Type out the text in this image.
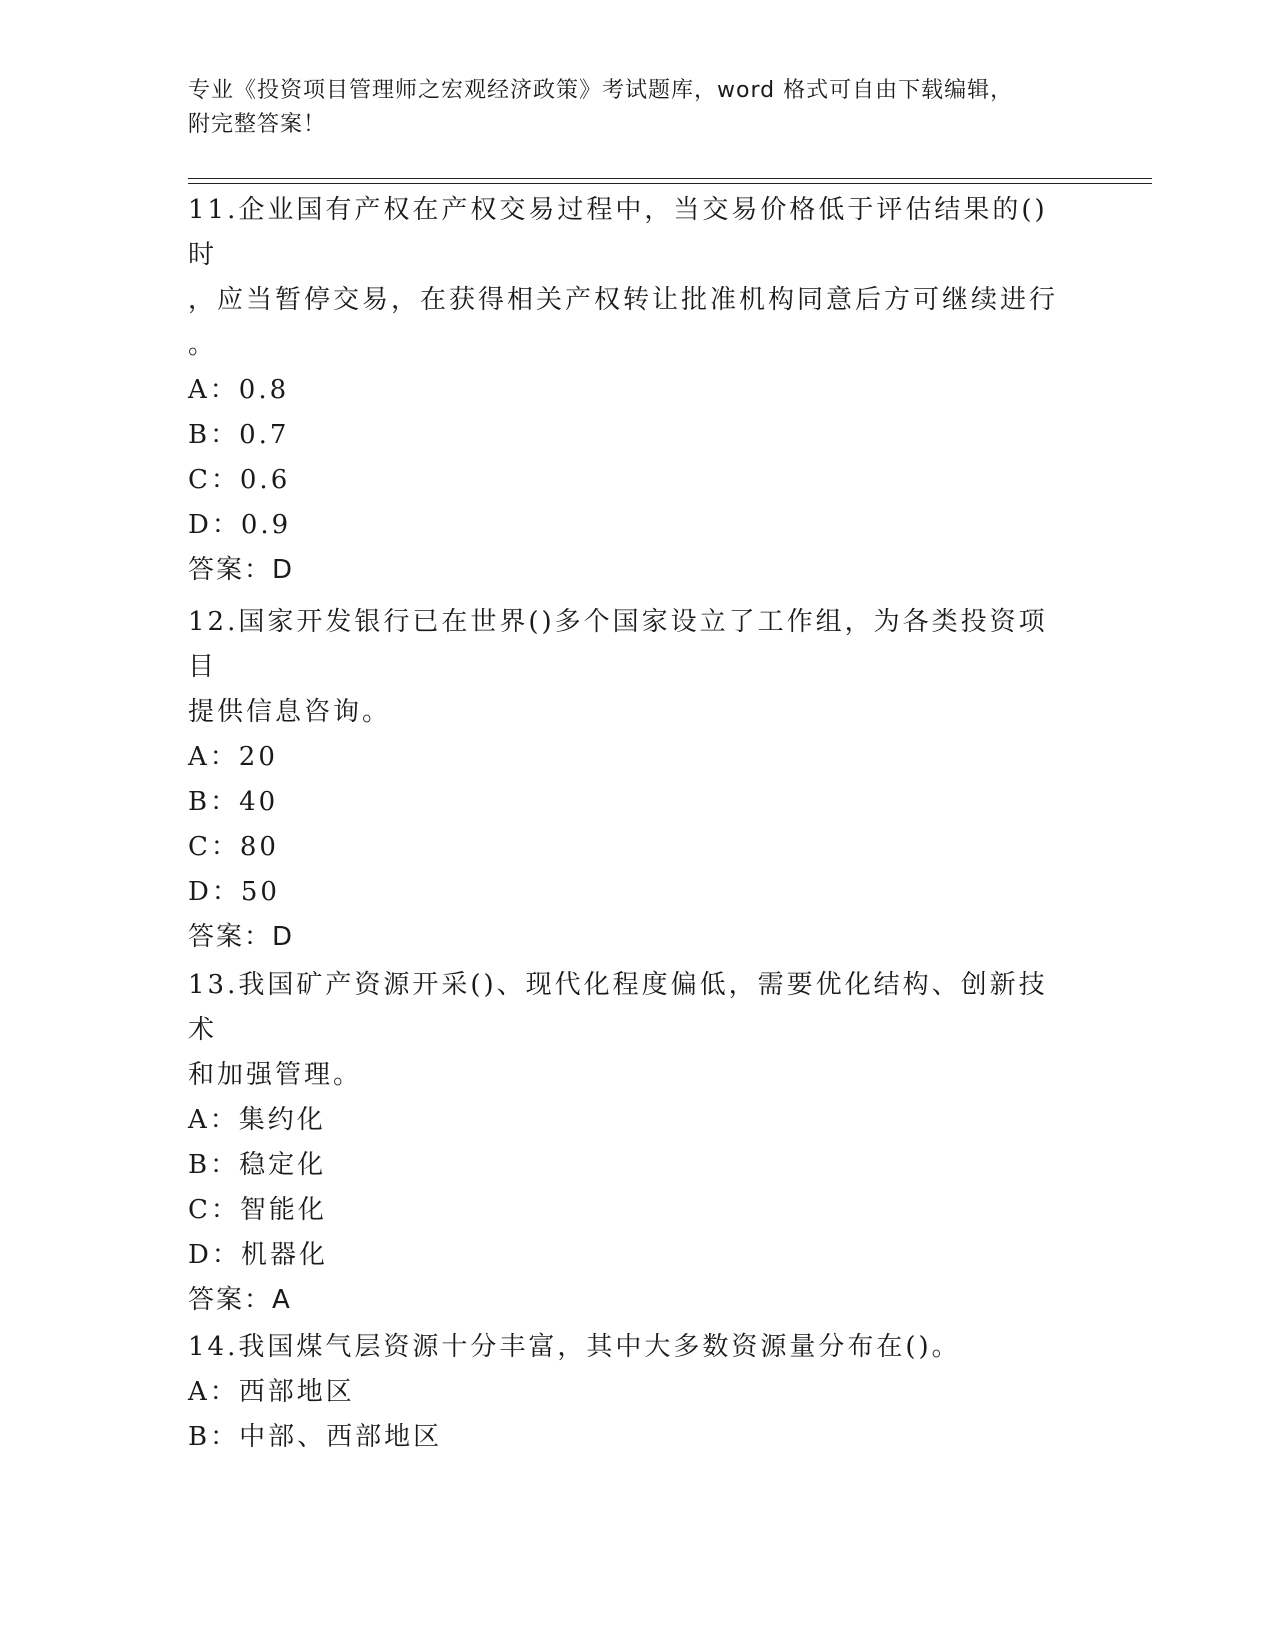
专业《投资项目管理师之宏观经济政策》考试题库，word 格式可自由下载编辑，
附完整答案！

11.企业国有产权在产权交易过程中，当交易价格低于评估结果的()时

，应当暂停交易，在获得相关产权转让批准机构同意后方可继续进行

。

A：0.8

B：0.7

C：0.6

D：0.9

答案：D

12.国家开发银行已在世界()多个国家设立了工作组，为各类投资项目

提供信息咨询。

A：20

B：40

C：80

D：50

答案：D

13.我国矿产资源开采()、现代化程度偏低，需要优化结构、创新技术

和加强管理。

A：集约化

B：稳定化

C：智能化

D：机器化

答案：A

14.我国煤气层资源十分丰富，其中大多数资源量分布在()。

A：西部地区

B：中部、西部地区
